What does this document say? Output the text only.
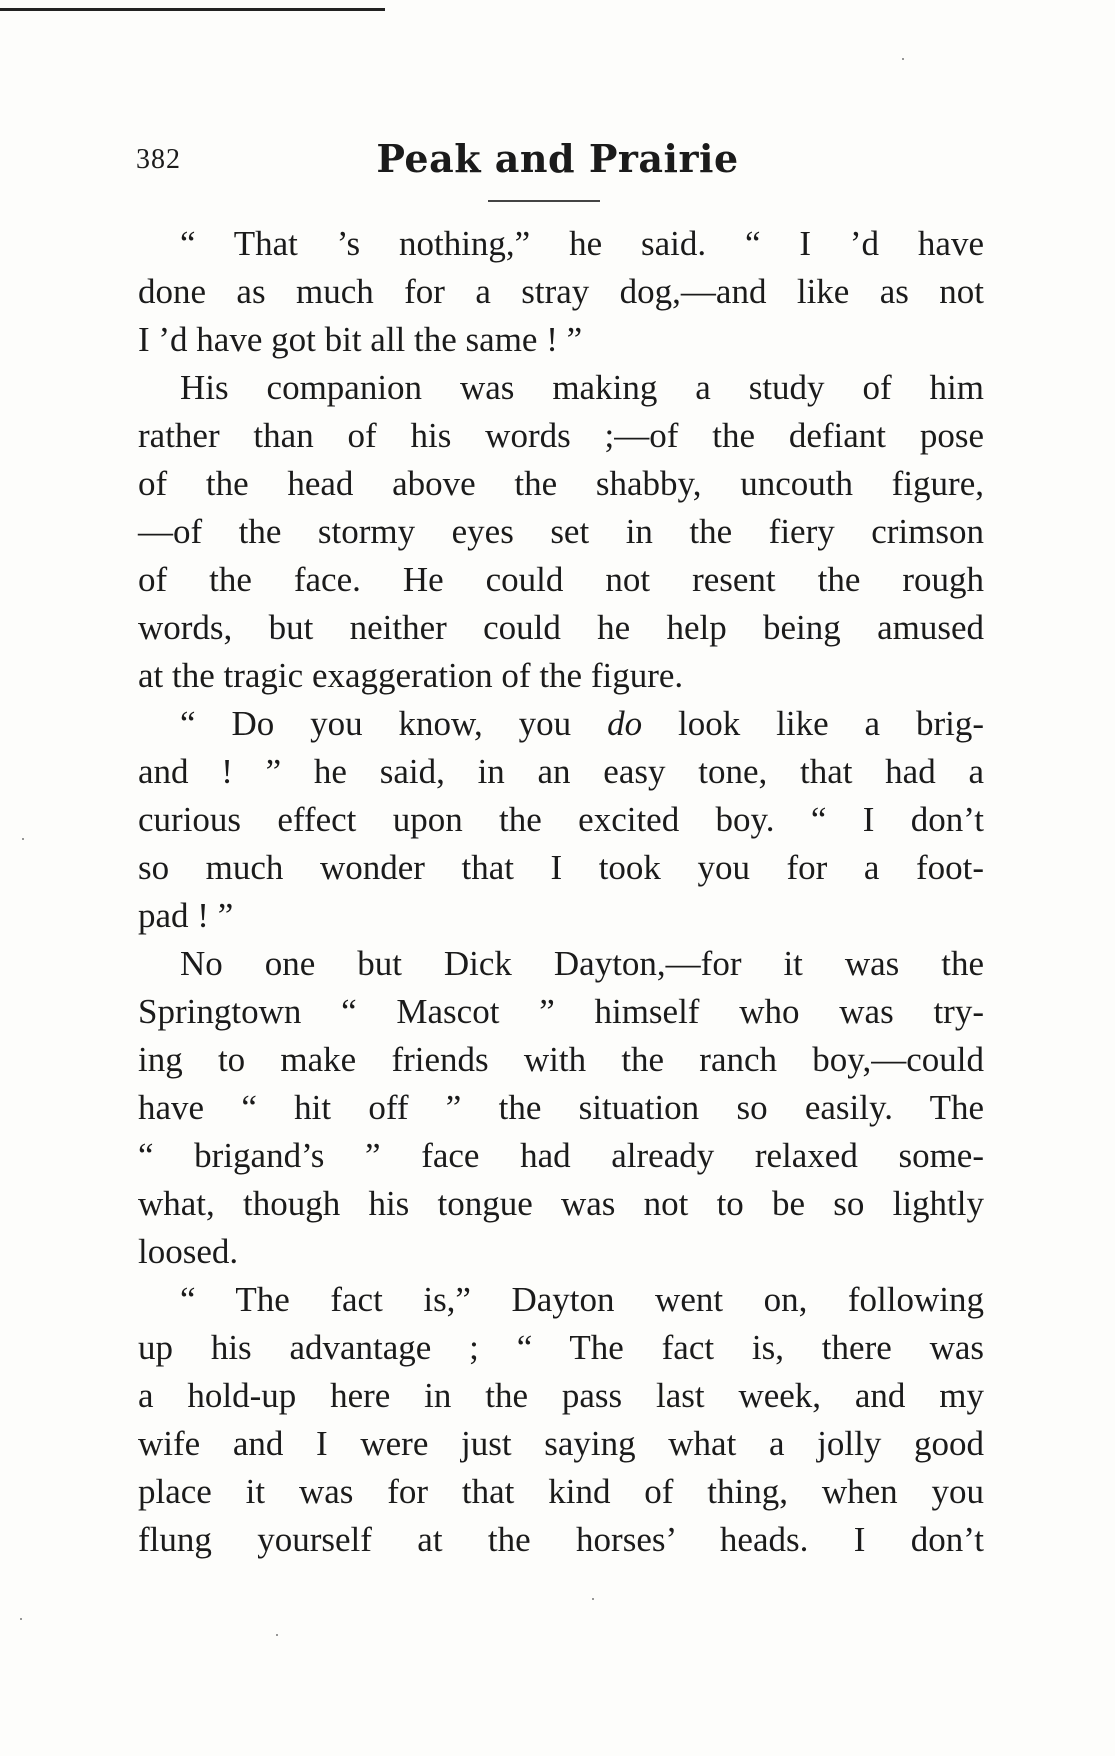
382	Peak and Prairie
“ That ’s nothing,” he said. “ I ’d have
done as much for a stray dog,—and like as not
I ’d have got bit all the same ! ”
His companion was making a study of him
rather than of his words ;—of the defiant pose
of the head above the shabby, uncouth figure,
—of the stormy eyes set in the fiery crimson
of the face. He could not resent the rough
words, but neither could he help being amused
at the tragic exaggeration of the figure.
“ Do you know, you do look like a brig-
and ! ” he said, in an easy tone, that had a
curious effect upon the excited boy. “ I don’t
so much wonder that I took you for a foot-
pad ! ”
No one but Dick Dayton,—for it was the
Springtown “ Mascot ” himself who was try-
ing to make friends with the ranch boy,—could
have “ hit off ” the situation so easily. The
“ brigand’s ” face had already relaxed some-
what, though his tongue was not to be so lightly
loosed.
“ The fact is,” Dayton went on, following
up his advantage ; “ The fact is, there was
a hold-up here in the pass last week, and my
wife and I were just saying what a jolly good
place it was for that kind of thing, when you
flung yourself at the horses’ heads. I don’t
